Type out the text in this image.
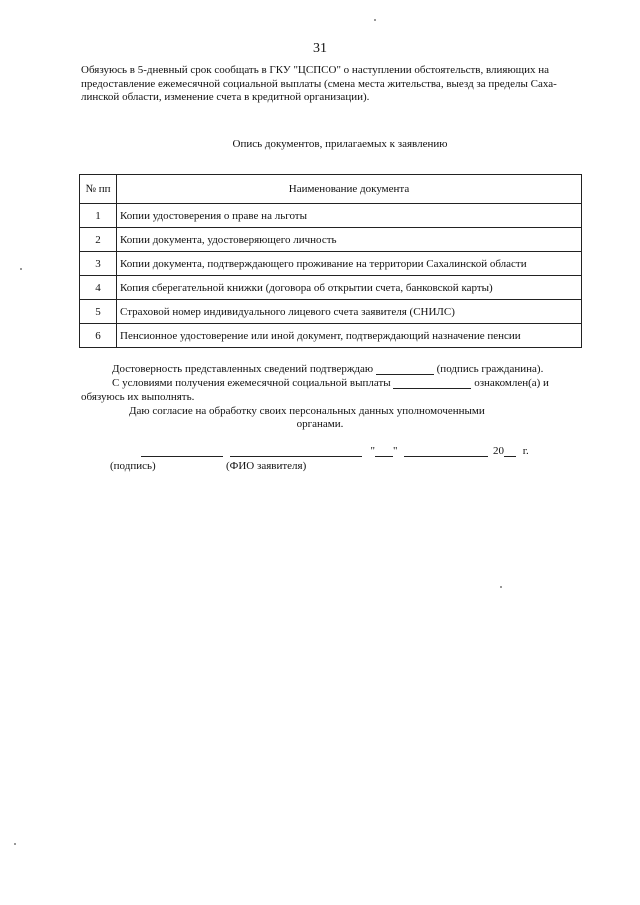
31
Обязуюсь в 5-дневный срок сообщать в ГКУ "ЦСПСО" о наступлении обстоятельств, влияющих на
предоставление ежемесячной социальной выплаты (смена места жительства, выезд за пределы Саха-
линской области, изменение счета в кредитной организации).
Опись документов, прилагаемых к заявлению
№ пп	Наименование документа
1	Копии удостоверения о праве на льготы
2	Копии документа, удостоверяющего личность
3	Копии документа, подтверждающего проживание на территории Сахалинской области
4	Копия сберегательной книжки (договора об открытии счета, банковской карты)
5	Страховой номер индивидуального лицевого счета заявителя (СНИЛС)
6	Пенсионное удостоверение или иной документ, подтверждающий назначение пенсии
Достоверность представленных сведений подтверждаю	(подпись гражданина).
С условиями получения ежемесячной социальной выплаты	ознакомлен(а) и
обязуюсь их выполнять.
Даю согласие на обработку своих персональных данных уполномоченными
органами.
" "	20 г.
(подпись)	(ФИО заявителя)
